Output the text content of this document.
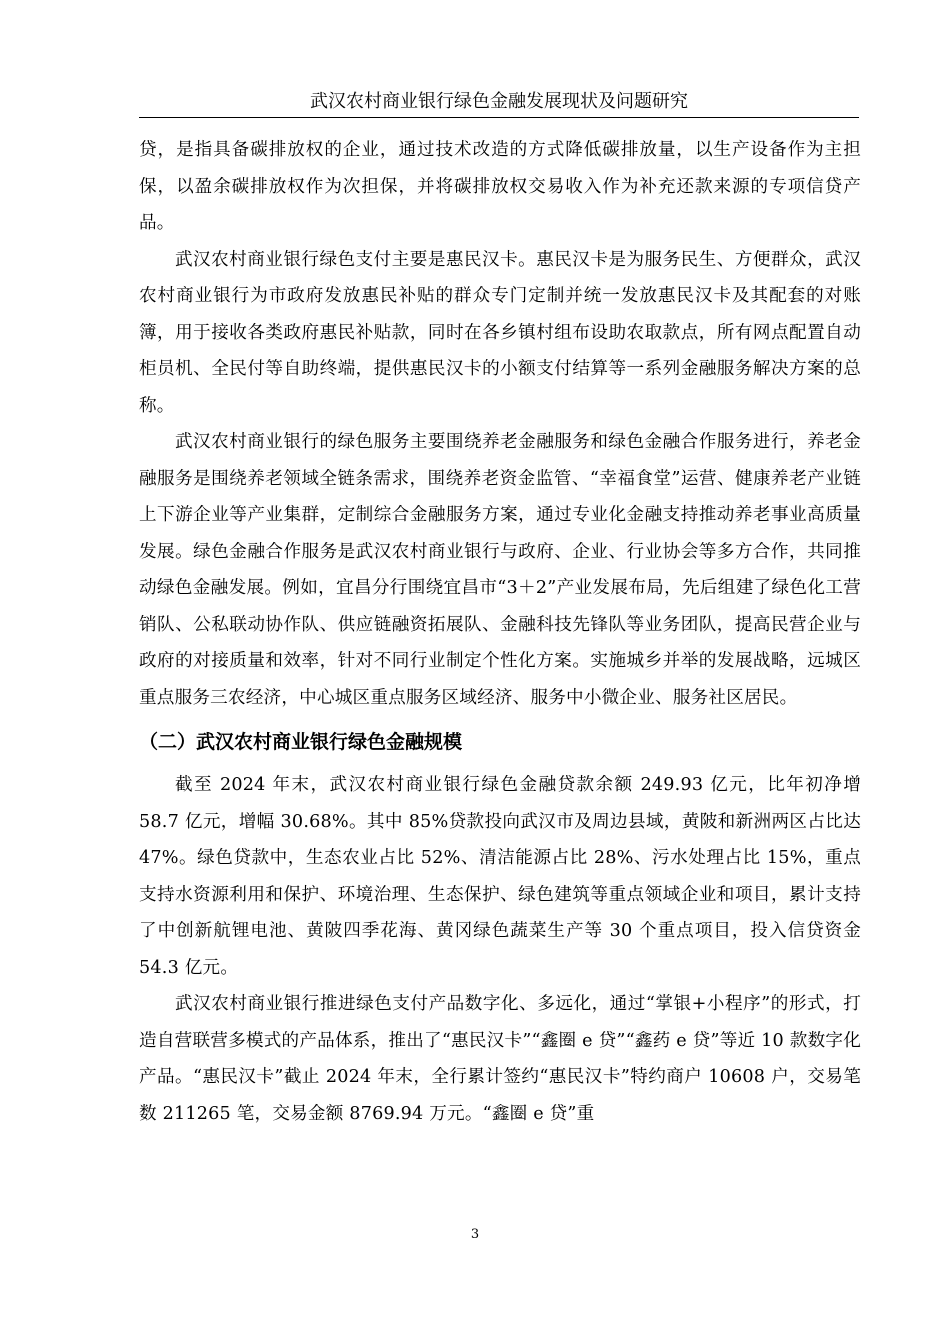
武汉农村商业银行绿色金融发展现状及问题研究

贷，是指具备碳排放权的企业，通过技术改造的方式降低碳排放量，以生产设备作为主担保，以盈余碳排放权作为次担保，并将碳排放权交易收入作为补充还款来源的专项信贷产品。

武汉农村商业银行绿色支付主要是惠民汉卡。惠民汉卡是为服务民生、方便群众，武汉农村商业银行为市政府发放惠民补贴的群众专门定制并统一发放惠民汉卡及其配套的对账簿，用于接收各类政府惠民补贴款，同时在各乡镇村组布设助农取款点，所有网点配置自动柜员机、全民付等自助终端，提供惠民汉卡的小额支付结算等一系列金融服务解决方案的总称。

武汉农村商业银行的绿色服务主要围绕养老金融服务和绿色金融合作服务进行，养老金融服务是围绕养老领域全链条需求，围绕养老资金监管、“幸福食堂”运营、健康养老产业链上下游企业等产业集群，定制综合金融服务方案，通过专业化金融支持推动养老事业高质量发展。绿色金融合作服务是武汉农村商业银行与政府、企业、行业协会等多方合作，共同推动绿色金融发展。例如，宜昌分行围绕宜昌市“3＋2”产业发展布局，先后组建了绿色化工营销队、公私联动协作队、供应链融资拓展队、金融科技先锋队等业务团队，提高民营企业与政府的对接质量和效率，针对不同行业制定个性化方案。实施城乡并举的发展战略，远城区重点服务三农经济，中心城区重点服务区域经济、服务中小微企业、服务社区居民。

（二）武汉农村商业银行绿色金融规模

截至 2024 年末，武汉农村商业银行绿色金融贷款余额 249.93 亿元，比年初净增 58.7 亿元，增幅 30.68%。其中 85%贷款投向武汉市及周边县域，黄陂和新洲两区占比达 47%。绿色贷款中，生态农业占比 52%、清洁能源占比 28%、污水处理占比 15%，重点支持水资源利用和保护、环境治理、生态保护、绿色建筑等重点领域企业和项目，累计支持了中创新航锂电池、黄陂四季花海、黄冈绿色蔬菜生产等 30 个重点项目，投入信贷资金 54.3 亿元。

武汉农村商业银行推进绿色支付产品数字化、多远化，通过“掌银+小程序”的形式，打造自营联营多模式的产品体系，推出了“惠民汉卡”“鑫圈 e 贷”“鑫药 e 贷”等近 10 款数字化产品。“惠民汉卡”截止 2024 年末，全行累计签约“惠民汉卡”特约商户 10608 户，交易笔数 211265 笔，交易金额 8769.94 万元。“鑫圈 e 贷”重

3
